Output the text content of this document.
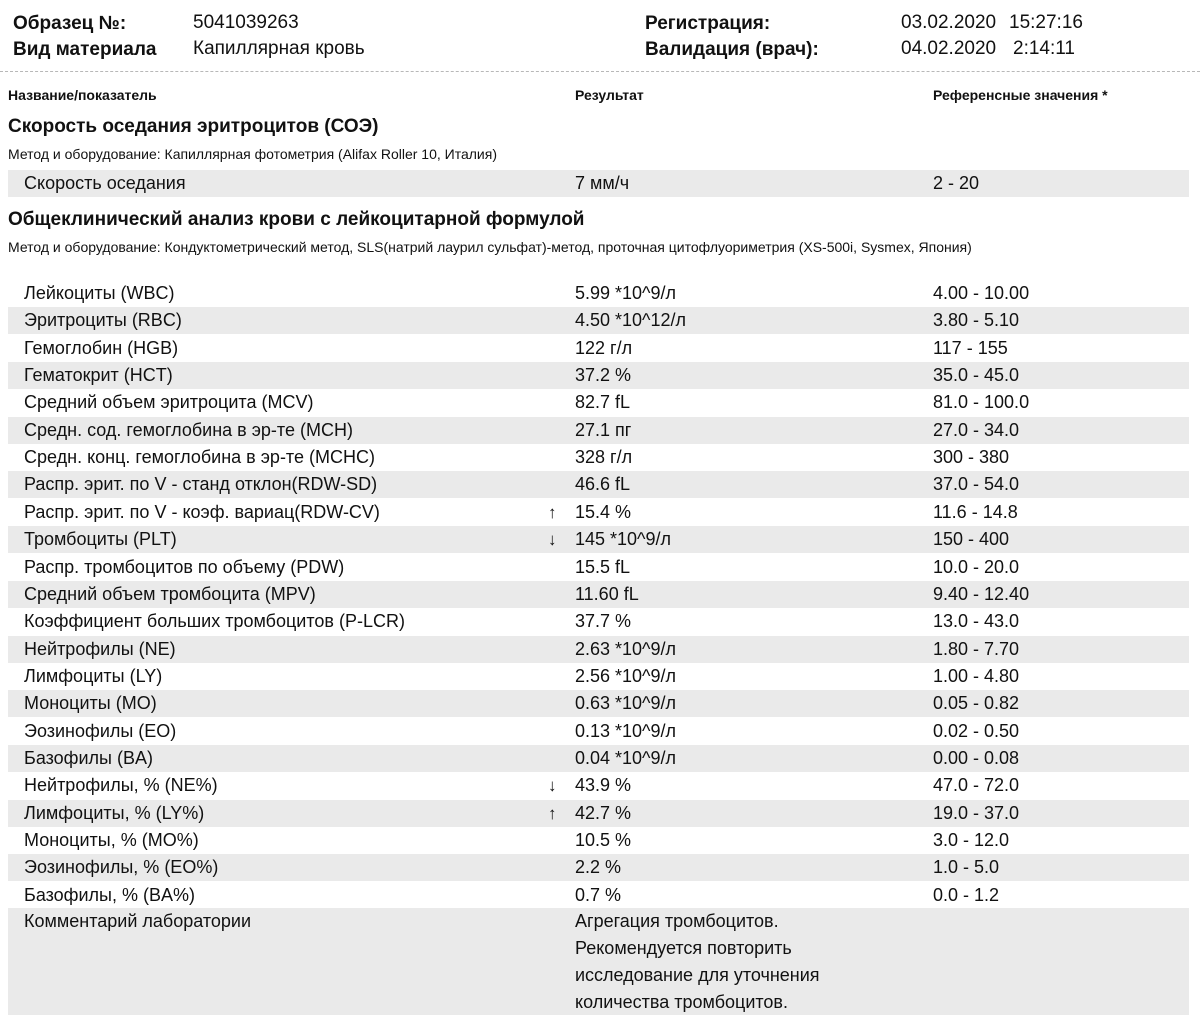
Образец №:	5041039263
Вид материала Капиллярная кровь
Регистрация:	03.02.2020 15:27:16
Валидация (врач):	04.02.2020 2:14:11
Название/показатель	Результат	Референсные значения *
Скорость оседания эритроцитов (СОЭ)
Метод и оборудование: Капиллярная фотометрия (Alifax Roller 10, Италия)
Скорость оседания	7 мм/ч	2 - 20
Общеклинический анализ крови с лейкоцитарной формулой
Метод и оборудование: Кондуктометрический метод, SLS(натрий лаурил сульфат)-метод, проточная цитофлуориметрия (XS-500i, Sysmex, Япония)
Лейкоциты (WBC)	5.99 *10^9/л	4.00 - 10.00
Эритроциты (RBC)	4.50 *10^12/л	3.80 - 5.10
Гемоглобин (HGB)	122 г/л	117 - 155
Гематокрит (HCT)	37.2 %	35.0 - 45.0
Средний объем эритроцита (MCV)	82.7 fL	81.0 - 100.0
Средн. сод. гемоглобина в эр-те (MCH)	27.1 пг	27.0 - 34.0
Средн. конц. гемоглобина в эр-те (MCHC)	328 г/л	300 - 380
Распр. эрит. по V - станд отклон(RDW-SD)	46.6 fL	37.0 - 54.0
Распр. эрит. по V - коэф. вариац(RDW-CV)	↑ 15.4 %	11.6 - 14.8
Тромбоциты (PLT)	↓ 145 *10^9/л	150 - 400
Распр. тромбоцитов по объему (PDW)	15.5 fL	10.0 - 20.0
Средний объем тромбоцита (MPV)	11.60 fL	9.40 - 12.40
Коэффициент больших тромбоцитов (P-LCR)	37.7 %	13.0 - 43.0
Нейтрофилы (NE)	2.63 *10^9/л	1.80 - 7.70
Лимфоциты (LY)	2.56 *10^9/л	1.00 - 4.80
Моноциты (MO)	0.63 *10^9/л	0.05 - 0.82
Эозинофилы (EO)	0.13 *10^9/л	0.02 - 0.50
Базофилы (BA)	0.04 *10^9/л	0.00 - 0.08
Нейтрофилы, % (NE%)	↓ 43.9 %	47.0 - 72.0
Лимфоциты, % (LY%)	↑ 42.7 %	19.0 - 37.0
Моноциты, % (MO%)	10.5 %	3.0 - 12.0
Эозинофилы, % (EO%)	2.2 %	1.0 - 5.0
Базофилы, % (BA%)	0.7 %	0.0 - 1.2
Комментарий лаборатории	Агрегация тромбоцитов. Рекомендуется повторить исследование для уточнения количества тромбоцитов.
